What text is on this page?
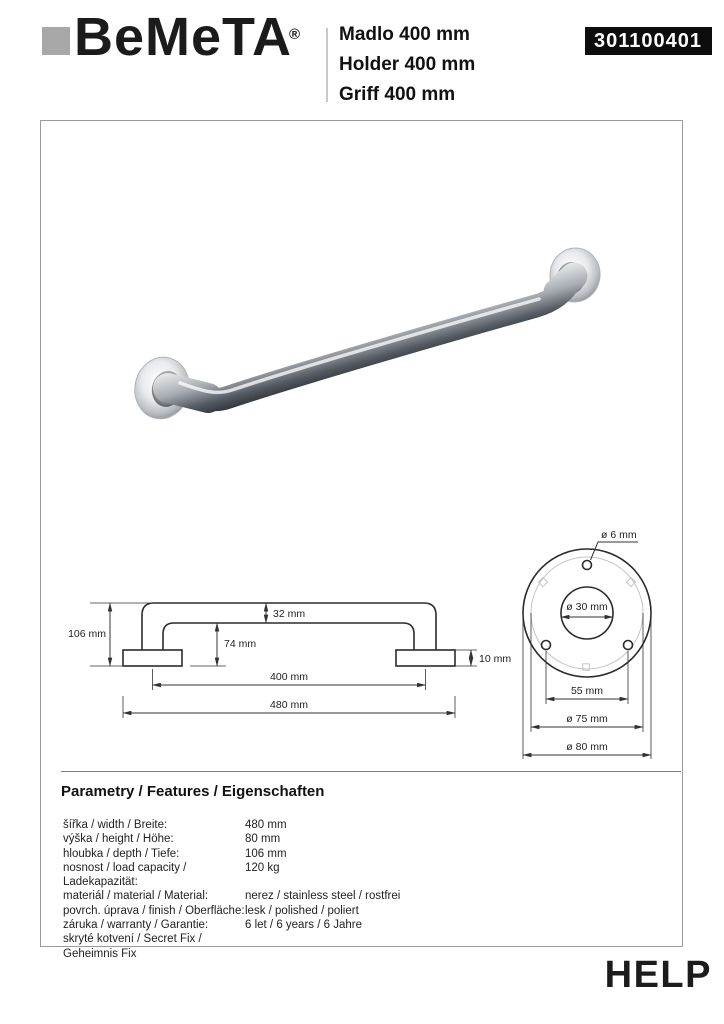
BeMeTA
® Madlo 400 mm
Holder 400 mm
Griff 400 mm
301100401
106 mm
32 mm
74 mm
400 mm
480 mm
10 mm
ø 6 mm
ø 30 mm
55 mm
ø 75 mm
ø 80 mm
Parametry / Features / Eigenschaften
šířka / width / Breite:	480 mm
výška / height / Höhe:	80 mm
hloubka / depth / Tiefe:	106 mm
nosnost / load capacity / Ladekapazität:
120 kg
materiál / material / Material:	nerez / stainless steel / rostfrei
povrch. úprava / finish / Oberfläche: lesk / polished / poliert
záruka / warranty / Garantie:	6 let / 6 years / 6 Jahre
skryté kotvení / Secret Fix / Geheimnis Fix
HELP
